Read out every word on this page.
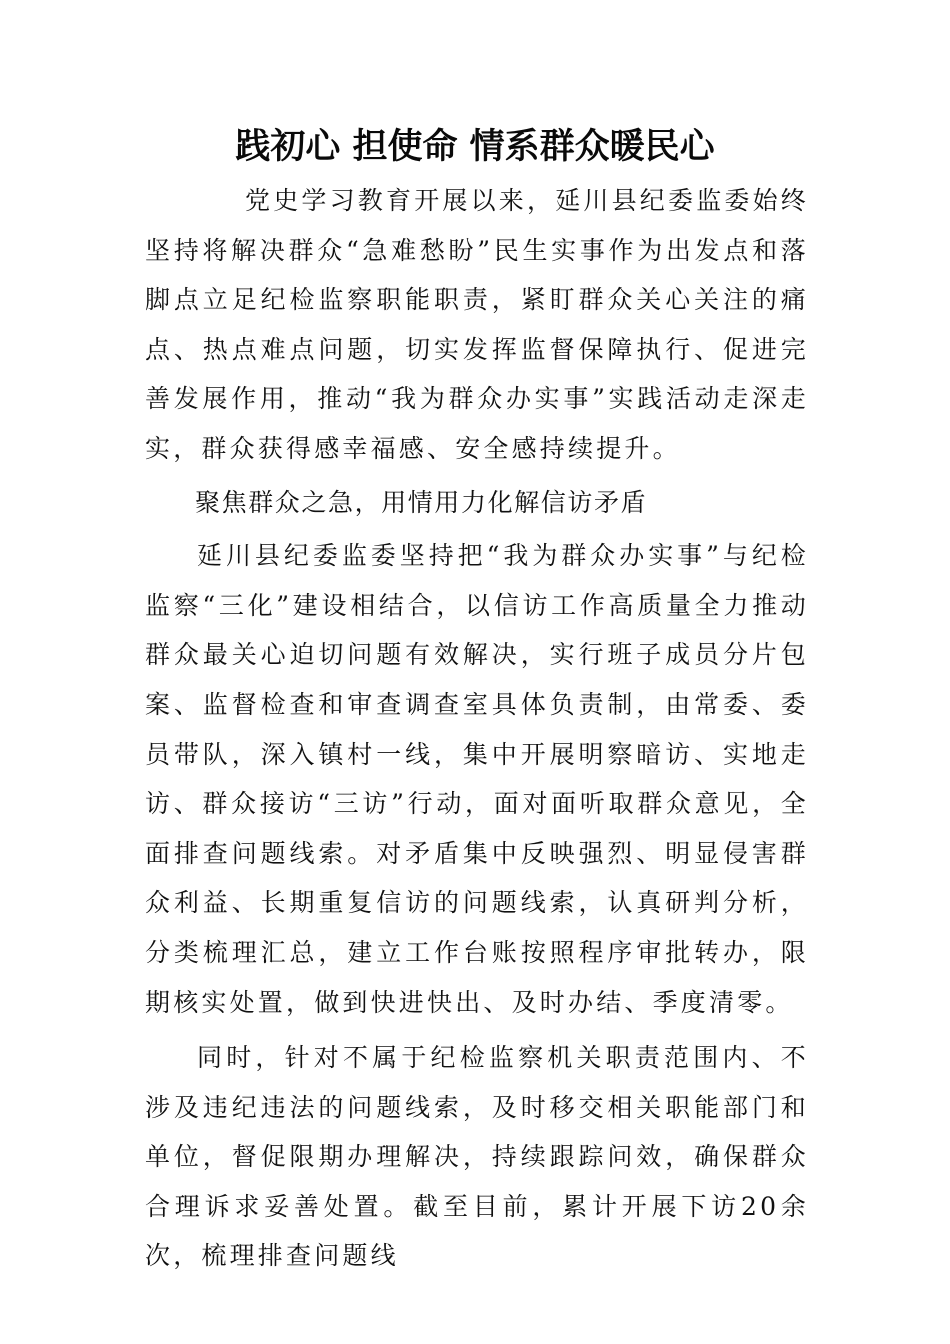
践初心 担使命 情系群众暖民心

党史学习教育开展以来，延川县纪委监委始终坚持将解决群众“急难愁盼”民生实事作为出发点和落脚点立足纪检监察职能职责，紧盯群众关心关注的痛点、热点难点问题，切实发挥监督保障执行、促进完善发展作用，推动“我为群众办实事”实践活动走深走实，群众获得感幸福感、安全感持续提升。

聚焦群众之急，用情用力化解信访矛盾

延川县纪委监委坚持把“我为群众办实事”与纪检监察“三化”建设相结合，以信访工作高质量全力推动群众最关心迫切问题有效解决，实行班子成员分片包案、监督检查和审查调查室具体负责制，由常委、委员带队，深入镇村一线，集中开展明察暗访、实地走访、群众接访“三访”行动，面对面听取群众意见，全面排查问题线索。对矛盾集中反映强烈、明显侵害群众利益、长期重复信访的问题线索，认真研判分析，分类梳理汇总，建立工作台账按照程序审批转办，限期核实处置，做到快进快出、及时办结、季度清零。

同时，针对不属于纪检监察机关职责范围内、不涉及违纪违法的问题线索，及时移交相关职能部门和单位，督促限期办理解决，持续跟踪问效，确保群众合理诉求妥善处置。截至目前，累计开展下访20余次，梳理排查问题线
